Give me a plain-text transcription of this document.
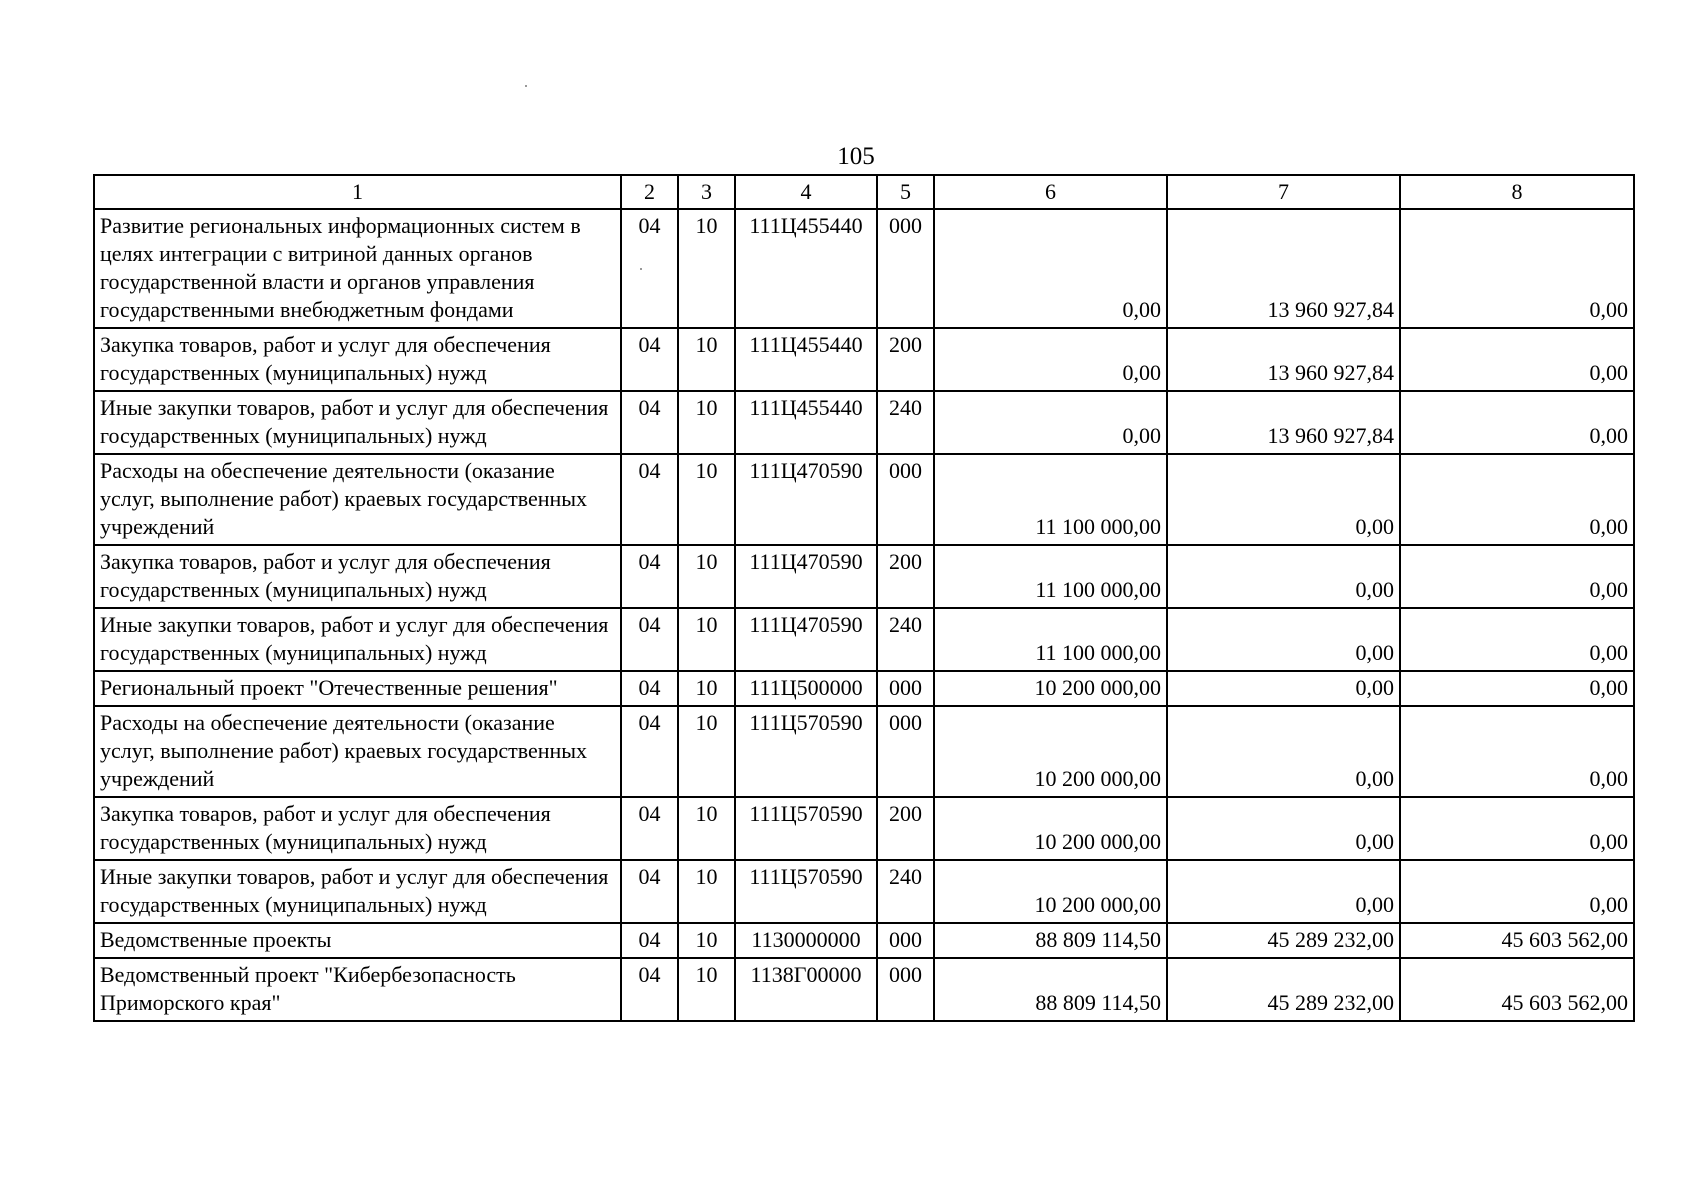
105
1	2	3	4	5	6	7	8
Развитие региональных информационных систем в целях интеграции с витриной данных органов государственной власти и органов управления государственными внебюджетным фондами	04	10	111Ц455440	000	0,00	13 960 927,84	0,00
Закупка товаров, работ и услуг для обеспечения государственных (муниципальных) нужд	04	10	111Ц455440	200	0,00	13 960 927,84	0,00
Иные закупки товаров, работ и услуг для обеспечения государственных (муниципальных) нужд	04	10	111Ц455440	240	0,00	13 960 927,84	0,00
Расходы на обеспечение деятельности (оказание услуг, выполнение работ) краевых государственных учреждений	04	10	111Ц470590	000	11 100 000,00	0,00	0,00
Закупка товаров, работ и услуг для обеспечения государственных (муниципальных) нужд	04	10	111Ц470590	200	11 100 000,00	0,00	0,00
Иные закупки товаров, работ и услуг для обеспечения государственных (муниципальных) нужд	04	10	111Ц470590	240	11 100 000,00	0,00	0,00
Региональный проект "Отечественные решения"	04	10	111Ц500000	000	10 200 000,00	0,00	0,00
Расходы на обеспечение деятельности (оказание услуг, выполнение работ) краевых государственных учреждений	04	10	111Ц570590	000	10 200 000,00	0,00	0,00
Закупка товаров, работ и услуг для обеспечения государственных (муниципальных) нужд	04	10	111Ц570590	200	10 200 000,00	0,00	0,00
Иные закупки товаров, работ и услуг для обеспечения государственных (муниципальных) нужд	04	10	111Ц570590	240	10 200 000,00	0,00	0,00
Ведомственные проекты	04	10	1130000000	000	88 809 114,50	45 289 232,00	45 603 562,00
Ведомственный проект "Кибербезопасность Приморского края"	04	10	1138Г00000	000	88 809 114,50	45 289 232,00	45 603 562,00
